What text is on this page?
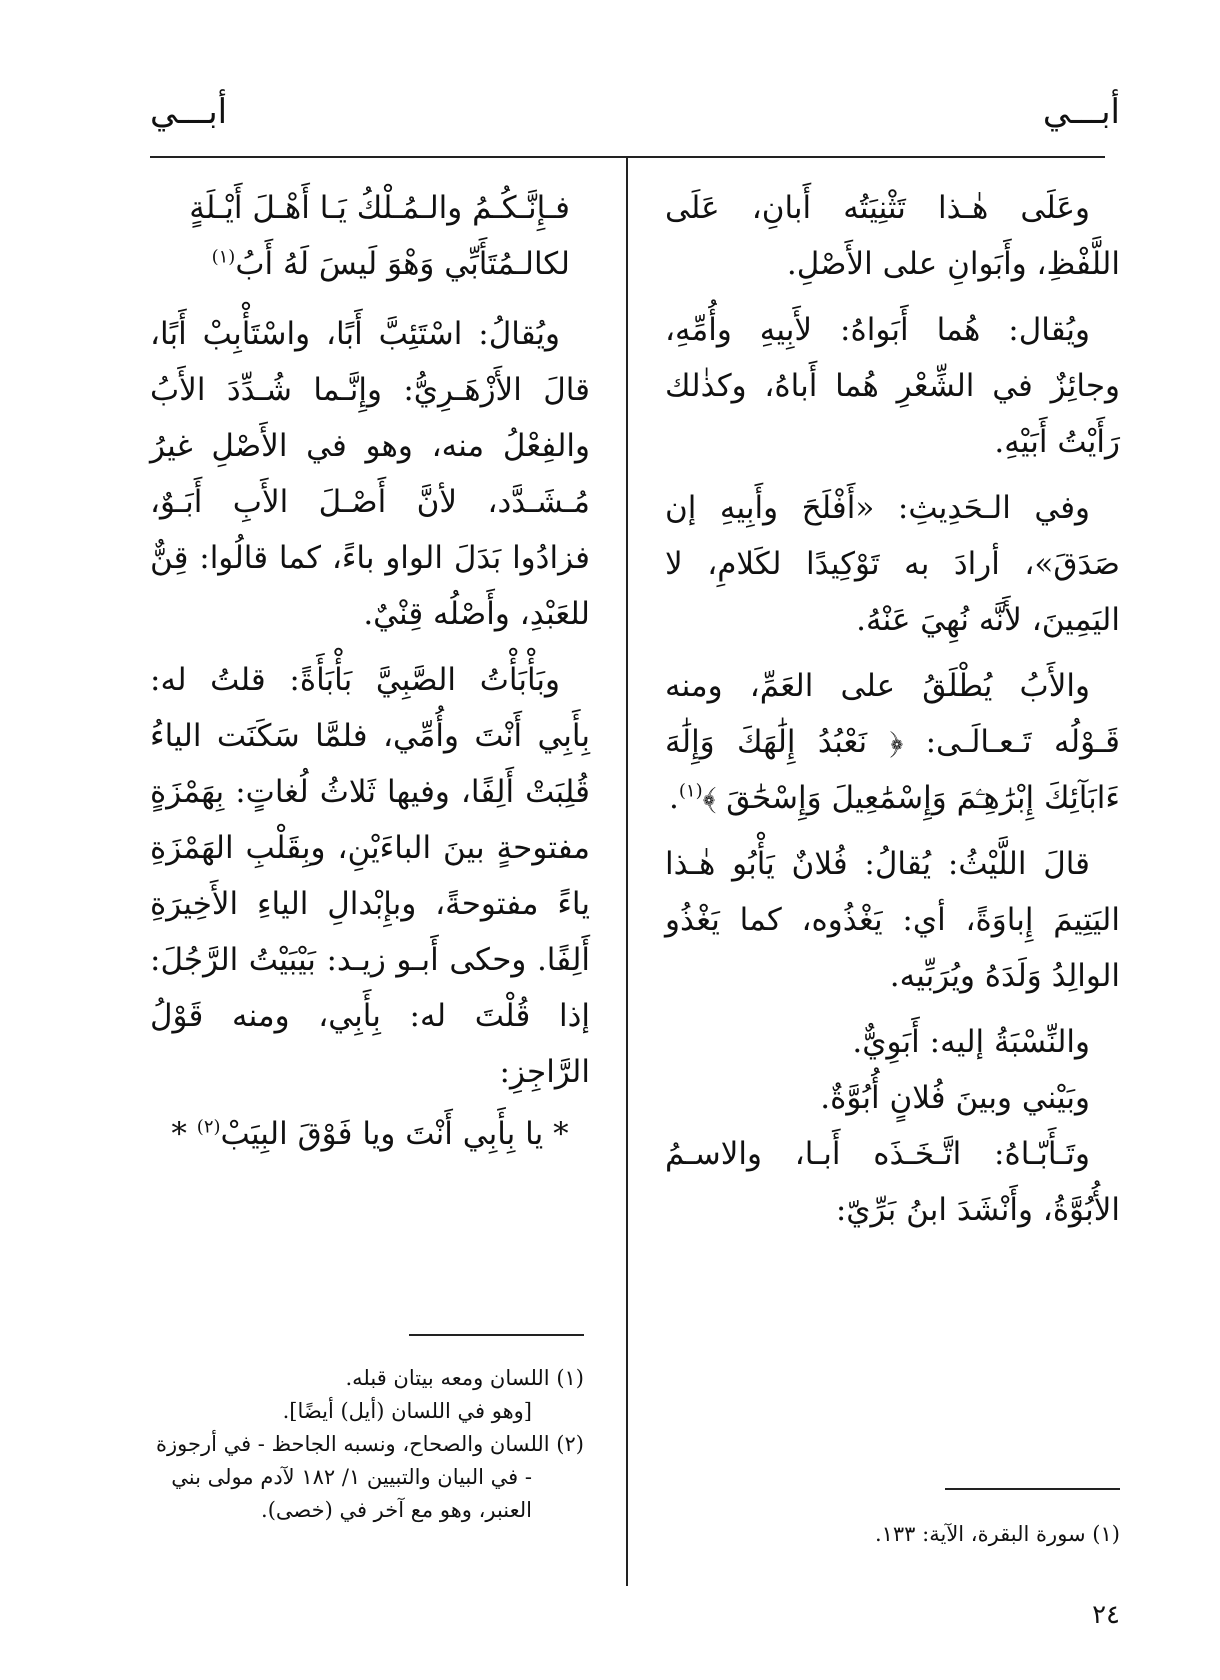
أبـــي
أبـــي

وعَلَى هٰـذا تَثْنِيَتُه أَبانِ، عَلَى اللَّفْظِ، وأَبَوانِ على الأَصْلِ.

ويُقال: هُما أَبَواهُ: لأَبِيهِ وأُمِّهِ، وجائِزٌ في الشِّعْرِ هُما أَباهُ، وكذٰلك رَأَيْتُ أَبَيْهِ.

وفي الـحَدِيثِ: «أَفْلَحَ وأَبِيهِ إن صَدَقَ»، أرادَ به تَوْكِيدًا لكَلامِ، لا اليَمِينَ، لأَنَّه نُهِيَ عَنْهُ.

والأَبُ يُطْلَقُ على العَمِّ، ومنه قَـوْلُه تَـعـالَـى: ﴿ نَعْبُدُ إِلَٰهَكَ وَإِلَٰهَ ءَابَآئِكَ إِبْرَٰهِـۧمَ وَإِسْمَٰعِيلَ وَإِسْحَٰقَ ﴾$^{(١)}$.

قالَ اللَّيْثُ: يُقالُ: فُلانٌ يَأْبُو هٰـذا اليَتِيمَ إِباوَةً، أي: يَغْذُوه، كما يَغْذُو الوالِدُ وَلَدَهُ ويُرَبِّيه.

والنِّسْبَةُ إليه: أَبَوِيٌّ.

وبَيْني وبينَ فُلانٍ أُبُوَّةٌ.

وتَـأَبّـاهُ: اتَّـخَـذَه أَبـا، والاسـمُ الأُبُوَّةُ، وأَنْشَدَ ابنُ بَرِّيّ:

(١) سورة البقرة، الآية: ١٣٣.

فـإِنَّـكُـمُ والـمُـلْكُ يَـا أَهْـلَ أَيْـلَةٍ

لكالـمُتَأَبِّي وَهْوَ لَيسَ لَهُ أَبُ$^{(١)}$

ويُقالُ: اسْتَئِبَّ أَبًا، واسْتَأْبِبْ أَبًا، قالَ الأَزْهَـرِيُّ: وإِنَّـما شُـدِّدَ الأَبُ والفِعْلُ منه، وهو في الأَصْلِ غيرُ مُـشَـدَّد، لأنَّ أَصْـلَ الأَبِ أَبَـوٌ، فزادُوا بَدَلَ الواو باءً، كما قالُوا: قِنٌّ للعَبْدِ، وأَصْلُه قِنْيٌ.

وبَأْبَأْتُ الصَّبِيَّ بَأْبَأَةً: قلتُ له: بِأَبِي أَنْتَ وأُمِّي، فلمَّا سَكَنَت الياءُ قُلِبَتْ أَلِفًا، وفيها ثَلاثُ لُغاتٍ: بِهَمْزَةٍ مفتوحةٍ بينَ الباءَيْنِ، وبِقَلْبِ الهَمْزَةِ ياءً مفتوحةً، وبإِبْدالِ الياءِ الأَخِيرَةِ أَلِفًا. وحكى أَبـو زيـد: بَيْبَيْتُ الرَّجُلَ: إذا قُلْتَ له: بِأَبِي، ومنه قَوْلُ الرَّاجِزِ:

* يا بِأَبِي أَنْتَ ويا فَوْقَ البِيَبْ$^{(٢)}$ *

(١) اللسان ومعه بيتان قبله.

[وهو في اللسان (أيل) أيضًا].

(٢) اللسان والصحاح، ونسبه الجاحظ - في أرجوزة

- في البيان والتبيين ١/ ١٨٢ لآدم مولى بني

العنبر، وهو مع آخر في (خصى).

٢٤
